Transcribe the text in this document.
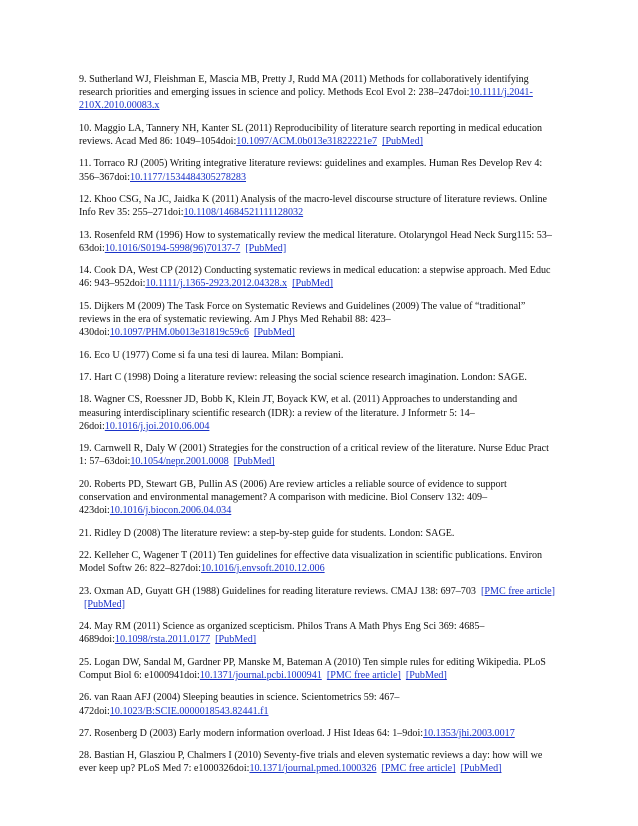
9. Sutherland WJ, Fleishman E, Mascia MB, Pretty J, Rudd MA (2011) Methods for collaboratively identifying research priorities and emerging issues in science and policy. Methods Ecol Evol 2: 238–247doi:10.1111/j.2041-210X.2010.00083.x

10. Maggio LA, Tannery NH, Kanter SL (2011) Reproducibility of literature search reporting in medical education reviews. Acad Med 86: 1049–1054doi:10.1097/ACM.0b013e31822221e7 [PubMed]

11. Torraco RJ (2005) Writing integrative literature reviews: guidelines and examples. Human Res Develop Rev 4: 356–367doi:10.1177/1534484305278283

12. Khoo CSG, Na JC, Jaidka K (2011) Analysis of the macro-level discourse structure of literature reviews. Online Info Rev 35: 255–271doi:10.1108/14684521111128032

13. Rosenfeld RM (1996) How to systematically review the medical literature. Otolaryngol Head Neck Surg115: 53–63doi:10.1016/S0194-5998(96)70137-7 [PubMed]

14. Cook DA, West CP (2012) Conducting systematic reviews in medical education: a stepwise approach. Med Educ 46: 943–952doi:10.1111/j.1365-2923.2012.04328.x [PubMed]

15. Dijkers M (2009) The Task Force on Systematic Reviews and Guidelines (2009) The value of “traditional” reviews in the era of systematic reviewing. Am J Phys Med Rehabil 88: 423–430doi:10.1097/PHM.0b013e31819c59c6 [PubMed]

16. Eco U (1977) Come si fa una tesi di laurea. Milan: Bompiani.

17. Hart C (1998) Doing a literature review: releasing the social science research imagination. London: SAGE.

18. Wagner CS, Roessner JD, Bobb K, Klein JT, Boyack KW, et al. (2011) Approaches to understanding and measuring interdisciplinary scientific research (IDR): a review of the literature. J Informetr 5: 14–26doi:10.1016/j.joi.2010.06.004

19. Carnwell R, Daly W (2001) Strategies for the construction of a critical review of the literature. Nurse Educ Pract 1: 57–63doi:10.1054/nepr.2001.0008 [PubMed]

20. Roberts PD, Stewart GB, Pullin AS (2006) Are review articles a reliable source of evidence to support conservation and environmental management? A comparison with medicine. Biol Conserv 132: 409–423doi:10.1016/j.biocon.2006.04.034

21. Ridley D (2008) The literature review: a step-by-step guide for students. London: SAGE.

22. Kelleher C, Wagener T (2011) Ten guidelines for effective data visualization in scientific publications. Environ Model Softw 26: 822–827doi:10.1016/j.envsoft.2010.12.006

23. Oxman AD, Guyatt GH (1988) Guidelines for reading literature reviews. CMAJ 138: 697–703 [PMC free article]  [PubMed]

24. May RM (2011) Science as organized scepticism. Philos Trans A Math Phys Eng Sci 369: 4685–4689doi:10.1098/rsta.2011.0177 [PubMed]

25. Logan DW, Sandal M, Gardner PP, Manske M, Bateman A (2010) Ten simple rules for editing Wikipedia. PLoS Comput Biol 6: e1000941doi:10.1371/journal.pcbi.1000941 [PMC free article] [PubMed]

26. van Raan AFJ (2004) Sleeping beauties in science. Scientometrics 59: 467–472doi:10.1023/B:SCIE.0000018543.82441.f1

27. Rosenberg D (2003) Early modern information overload. J Hist Ideas 64: 1–9doi:10.1353/jhi.2003.0017

28. Bastian H, Glasziou P, Chalmers I (2010) Seventy-five trials and eleven systematic reviews a day: how will we ever keep up? PLoS Med 7: e1000326doi:10.1371/journal.pmed.1000326 [PMC free article] [PubMed]
